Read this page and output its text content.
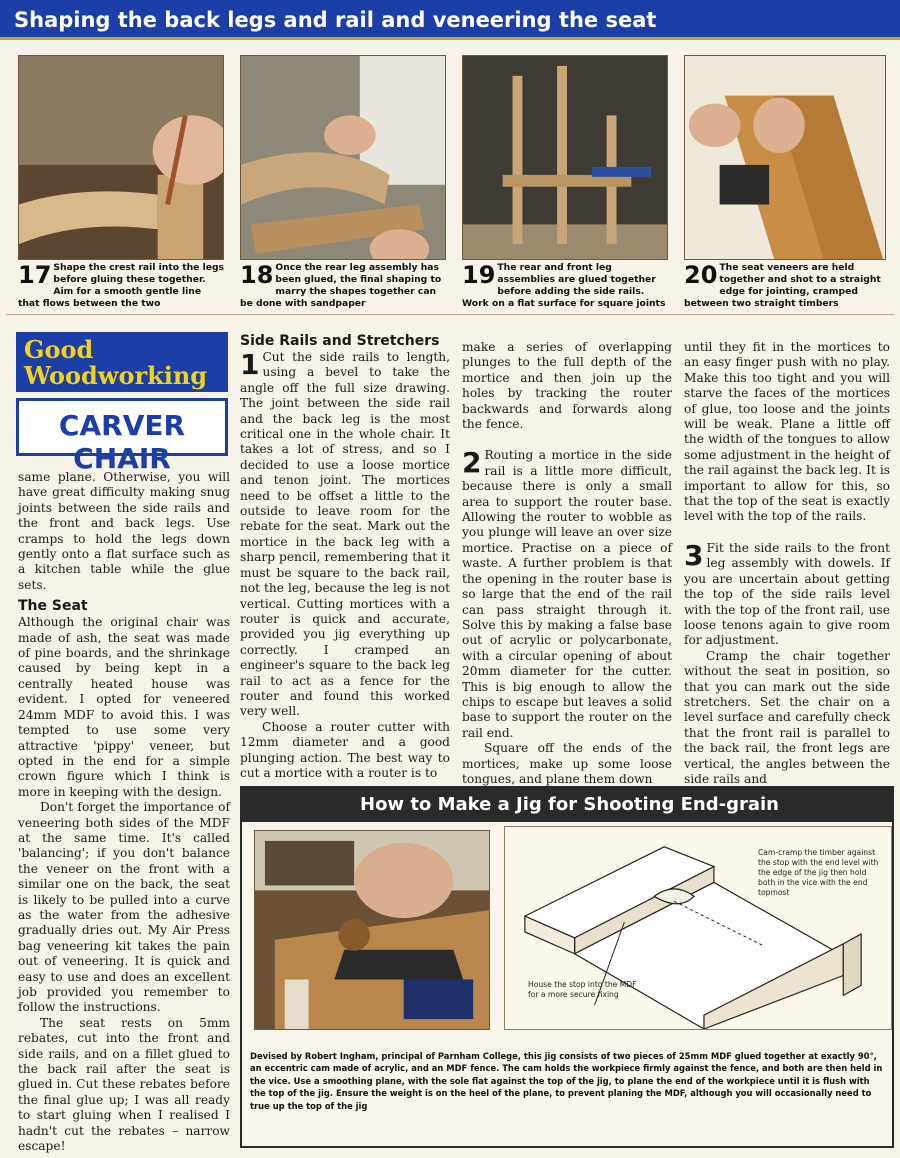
Shaping the back legs and rail and veneering the seat
17 Shape the crest rail into the legs before gluing these together. Aim for a smooth gentle line that flows between the two
18 Once the rear leg assembly has been glued, the final shaping to marry the shapes together can be done with sandpaper
19 The rear and front leg assemblies are glued together before adding the side rails. Work on a flat surface for square joints
20 The seat veneers are held together and shot to a straight edge for jointing, cramped between two straight timbers
Good
Woodworking
CARVER CHAIR

same plane. Otherwise, you will have great difficulty making snug joints between the side rails and the front and back legs. Use cramps to hold the legs down gently onto a flat surface such as a kitchen table while the glue sets.

The Seat

Although the original chair was made of ash, the seat was made of pine boards, and the shrinkage caused by being kept in a centrally heated house was evident. I opted for veneered 24mm MDF to avoid this. I was tempted to use some very attractive 'pippy' veneer, but opted in the end for a simple crown figure which I think is more in keeping with the design.

Don't forget the importance of veneering both sides of the MDF at the same time. It's called 'balancing'; if you don't balance the veneer on the front with a similar one on the back, the seat is likely to be pulled into a curve as the water from the adhesive gradually dries out. My Air Press bag veneering kit takes the pain out of veneering. It is quick and easy to use and does an excellent job provided you remember to follow the instructions.

The seat rests on 5mm rebates, cut into the front and side rails, and on a fillet glued to the back rail after the seat is glued in. Cut these rebates before the final glue up; I was all ready to start gluing when I realised I hadn't cut the rebates – narrow escape!

Side Rails and Stretchers

1 Cut the side rails to length, using a bevel to take the angle off the full size drawing. The joint between the side rail and the back leg is the most critical one in the whole chair. It takes a lot of stress, and so I decided to use a loose mortice and tenon joint. The mortices need to be offset a little to the outside to leave room for the rebate for the seat. Mark out the mortice in the back leg with a sharp pencil, remembering that it must be square to the back rail, not the leg, because the leg is not vertical. Cutting mortices with a router is quick and accurate, provided you jig everything up correctly. I cramped an engineer's square to the back leg rail to act as a fence for the router and found this worked very well.

Choose a router cutter with 12mm diameter and a good plunging action. The best way to cut a mortice with a router is to

make a series of overlapping plunges to the full depth of the mortice and then join up the holes by tracking the router backwards and forwards along the fence.

2 Routing a mortice in the side rail is a little more difficult, because there is only a small area to support the router base. Allowing the router to wobble as you plunge will leave an over size mortice. Practise on a piece of waste. A further problem is that the opening in the router base is so large that the end of the rail can pass straight through it. Solve this by making a false base out of acrylic or polycarbonate, with a circular opening of about 20mm diameter for the cutter. This is big enough to allow the chips to escape but leaves a solid base to support the router on the rail end.

Square off the ends of the mortices, make up some loose tongues, and plane them down

until they fit in the mortices to an easy finger push with no play. Make this too tight and you will starve the faces of the mortices of glue, too loose and the joints will be weak. Plane a little off the width of the tongues to allow some adjustment in the height of the rail against the back leg. It is important to allow for this, so that the top of the seat is exactly level with the top of the rails.

3 Fit the side rails to the front leg assembly with dowels. If you are uncertain about getting the top of the side rails level with the top of the front rail, use loose tenons again to give room for adjustment.

Cramp the chair together without the seat in position, so that you can mark out the side stretchers. Set the chair on a level surface and carefully check that the front rail is parallel to the back rail, the front legs are vertical, the angles between the side rails and

How to Make a Jig for Shooting End-grain
Cam-cramp the timber against the stop with the end level with the edge of the jig then hold both in the vice with the end topmost
House the stop into the MDF for a more secure fixing
Devised by Robert Ingham, principal of Parnham College, this jig consists of two pieces of 25mm MDF glued together at exactly 90°, an eccentric cam made of acrylic, and an MDF fence. The cam holds the workpiece firmly against the fence, and both are then held in the vice. Use a smoothing plane, with the sole flat against the top of the jig, to plane the end of the workpiece until it is flush with the top of the jig. Ensure the weight is on the heel of the plane, to prevent planing the MDF, although you will occasionally need to true up the top of the jig
